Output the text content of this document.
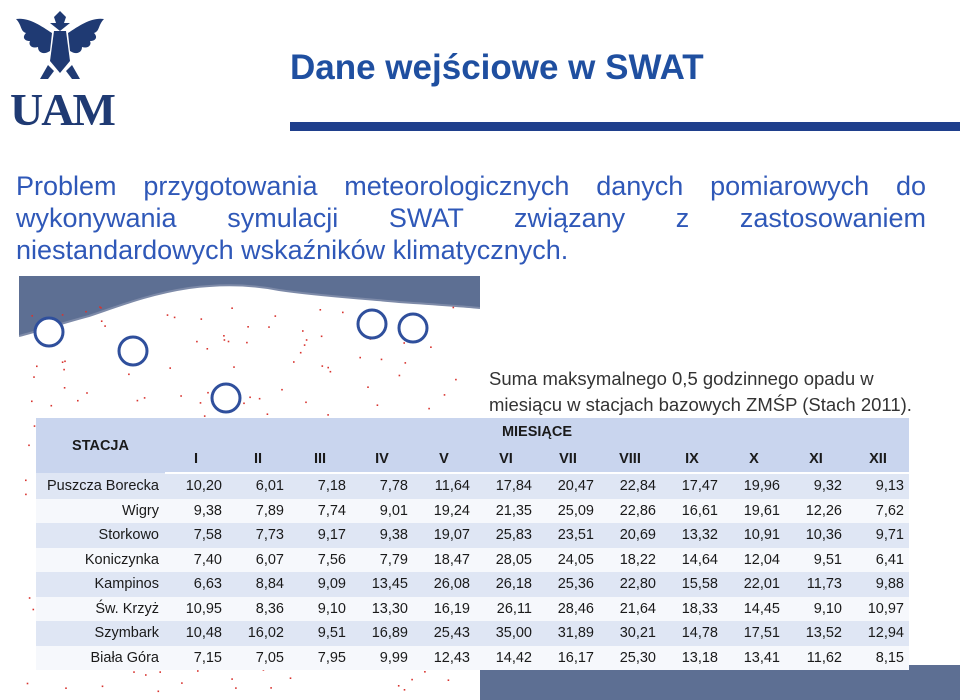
UAM
Dane wejściowe w SWAT
Problem przygotowania meteorologicznych danych pomiarowych do wykonywania symulacji SWAT związany z zastosowaniem niestandardowych wskaźników klimatycznych.
Suma maksymalnego 0,5 godzinnego opadu w miesiącu w stacjach bazowych ZMŚP (Stach 2011).
STACJA	MIESIĄCE											
	I	II	III	IV	V	VI	VII	VIII	IX	X	XI	XII
Puszcza Borecka	10,20	6,01	7,18	7,78	11,64	17,84	20,47	22,84	17,47	19,96	9,32	9,13
Wigry	9,38	7,89	7,74	9,01	19,24	21,35	25,09	22,86	16,61	19,61	12,26	7,62
Storkowo	7,58	7,73	9,17	9,38	19,07	25,83	23,51	20,69	13,32	10,91	10,36	9,71
Koniczynka	7,40	6,07	7,56	7,79	18,47	28,05	24,05	18,22	14,64	12,04	9,51	6,41
Kampinos	6,63	8,84	9,09	13,45	26,08	26,18	25,36	22,80	15,58	22,01	11,73	9,88
Św. Krzyż	10,95	8,36	9,10	13,30	16,19	26,11	28,46	21,64	18,33	14,45	9,10	10,97
Szymbark	10,48	16,02	9,51	16,89	25,43	35,00	31,89	30,21	14,78	17,51	13,52	12,94
Biała Góra	7,15	7,05	7,95	9,99	12,43	14,42	16,17	25,30	13,18	13,41	11,62	8,15
